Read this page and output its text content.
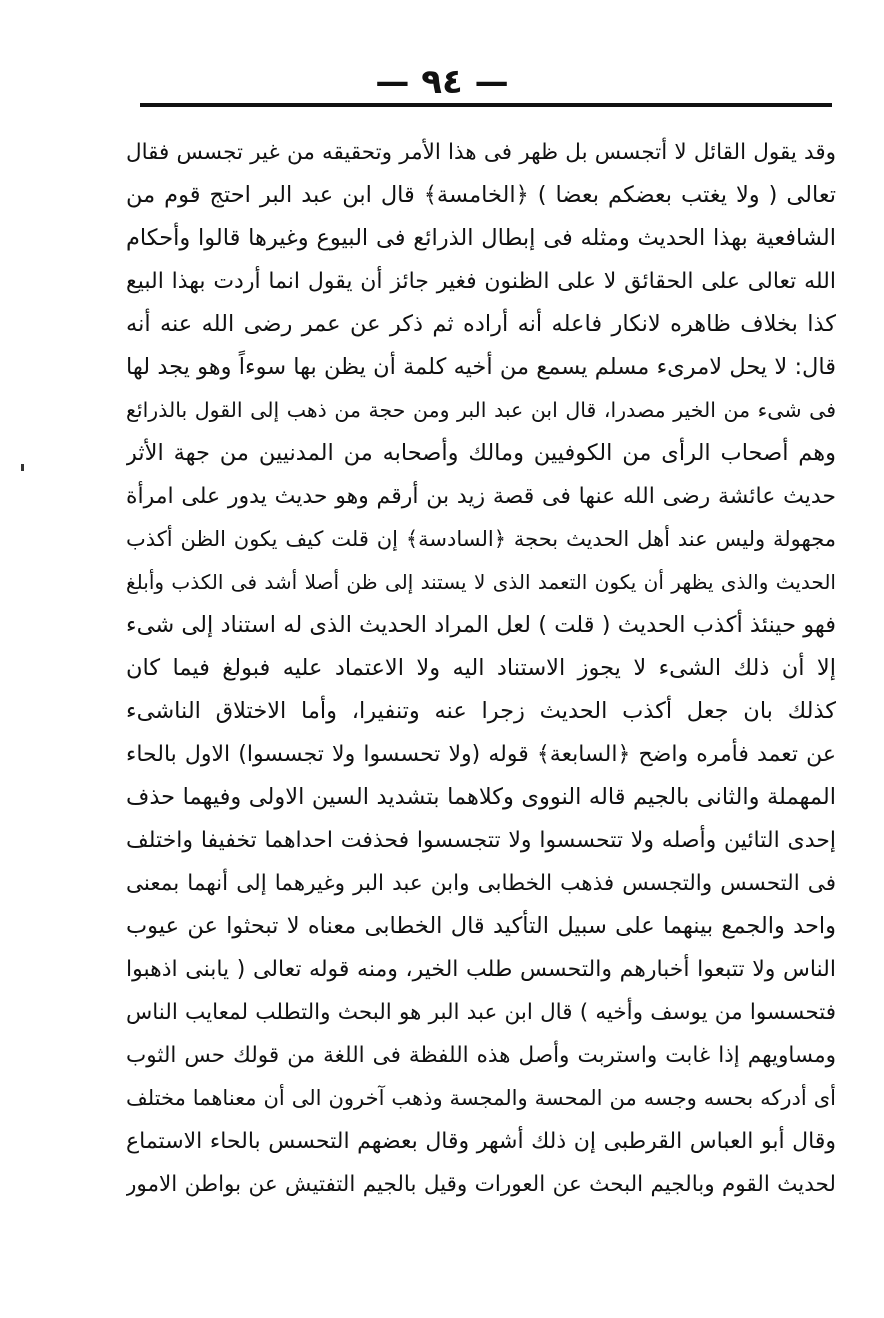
— ٩٤ —
وقد يقول القائل لا أتجسس بل ظهر فى هذا الأمر وتحقيقه من غير تجسس فقال
تعالى ( ولا يغتب بعضكم بعضا ) ﴿الخامسة﴾ قال ابن عبد البر احتج قوم من
الشافعية بهذا الحديث ومثله فى إبطال الذرائع فى البيوع وغيرها قالوا وأحكام
الله تعالى على الحقائق لا على الظنون فغير جائز أن يقول انما أردت بهذا البيع
كذا بخلاف ظاهره لانكار فاعله أنه أراده ثم ذكر عن عمر رضى الله عنه أنه
قال: لا يحل لامرىء مسلم يسمع من أخيه كلمة أن يظن بها سوءاً وهو يجد لها
فى شىء من الخير مصدرا، قال ابن عبد البر ومن حجة من ذهب إلى القول بالذرائع
وهم أصحاب الرأى من الكوفيين ومالك وأصحابه من المدنيين من جهة الأثر
حديث عائشة رضى الله عنها فى قصة زيد بن أرقم وهو حديث يدور على امرأة
مجهولة وليس عند أهل الحديث بحجة ﴿السادسة﴾ إن قلت كيف يكون الظن أكذب
الحديث والذى يظهر أن يكون التعمد الذى لا يستند إلى ظن أصلا أشد فى الكذب وأبلغ
فهو حينئذ أكذب الحديث ( قلت ) لعل المراد الحديث الذى له استناد إلى شىء
إلا أن ذلك الشىء لا يجوز الاستناد اليه ولا الاعتماد عليه فبولغ فيما كان
كذلك بان جعل أكذب الحديث زجرا عنه وتنفيرا، وأما الاختلاق الناشىء
عن تعمد فأمره واضح ﴿السابعة﴾ قوله (ولا تحسسوا ولا تجسسوا) الاول بالحاء
المهملة والثانى بالجيم قاله النووى وكلاهما بتشديد السين الاولى وفيهما حذف
إحدى التائين وأصله ولا تتحسسوا ولا تتجسسوا فحذفت احداهما تخفيفا واختلف
فى التحسس والتجسس فذهب الخطابى وابن عبد البر وغيرهما إلى أنهما بمعنى
واحد والجمع بينهما على سبيل التأكيد قال الخطابى معناه لا تبحثوا عن عيوب
الناس ولا تتبعوا أخبارهم والتحسس طلب الخير، ومنه قوله تعالى ( يابنى اذهبوا
فتحسسوا من يوسف وأخيه ) قال ابن عبد البر هو البحث والتطلب لمعايب الناس
ومساويهم إذا غابت واستربت وأصل هذه اللفظة فى اللغة من قولك حس الثوب
أى أدركه بحسه وجسه من المحسة والمجسة وذهب آخرون الى أن معناهما مختلف
وقال أبو العباس القرطبى إن ذلك أشهر وقال بعضهم التحسس بالحاء الاستماع
لحديث القوم وبالجيم البحث عن العورات وقيل بالجيم التفتيش عن بواطن الامور
